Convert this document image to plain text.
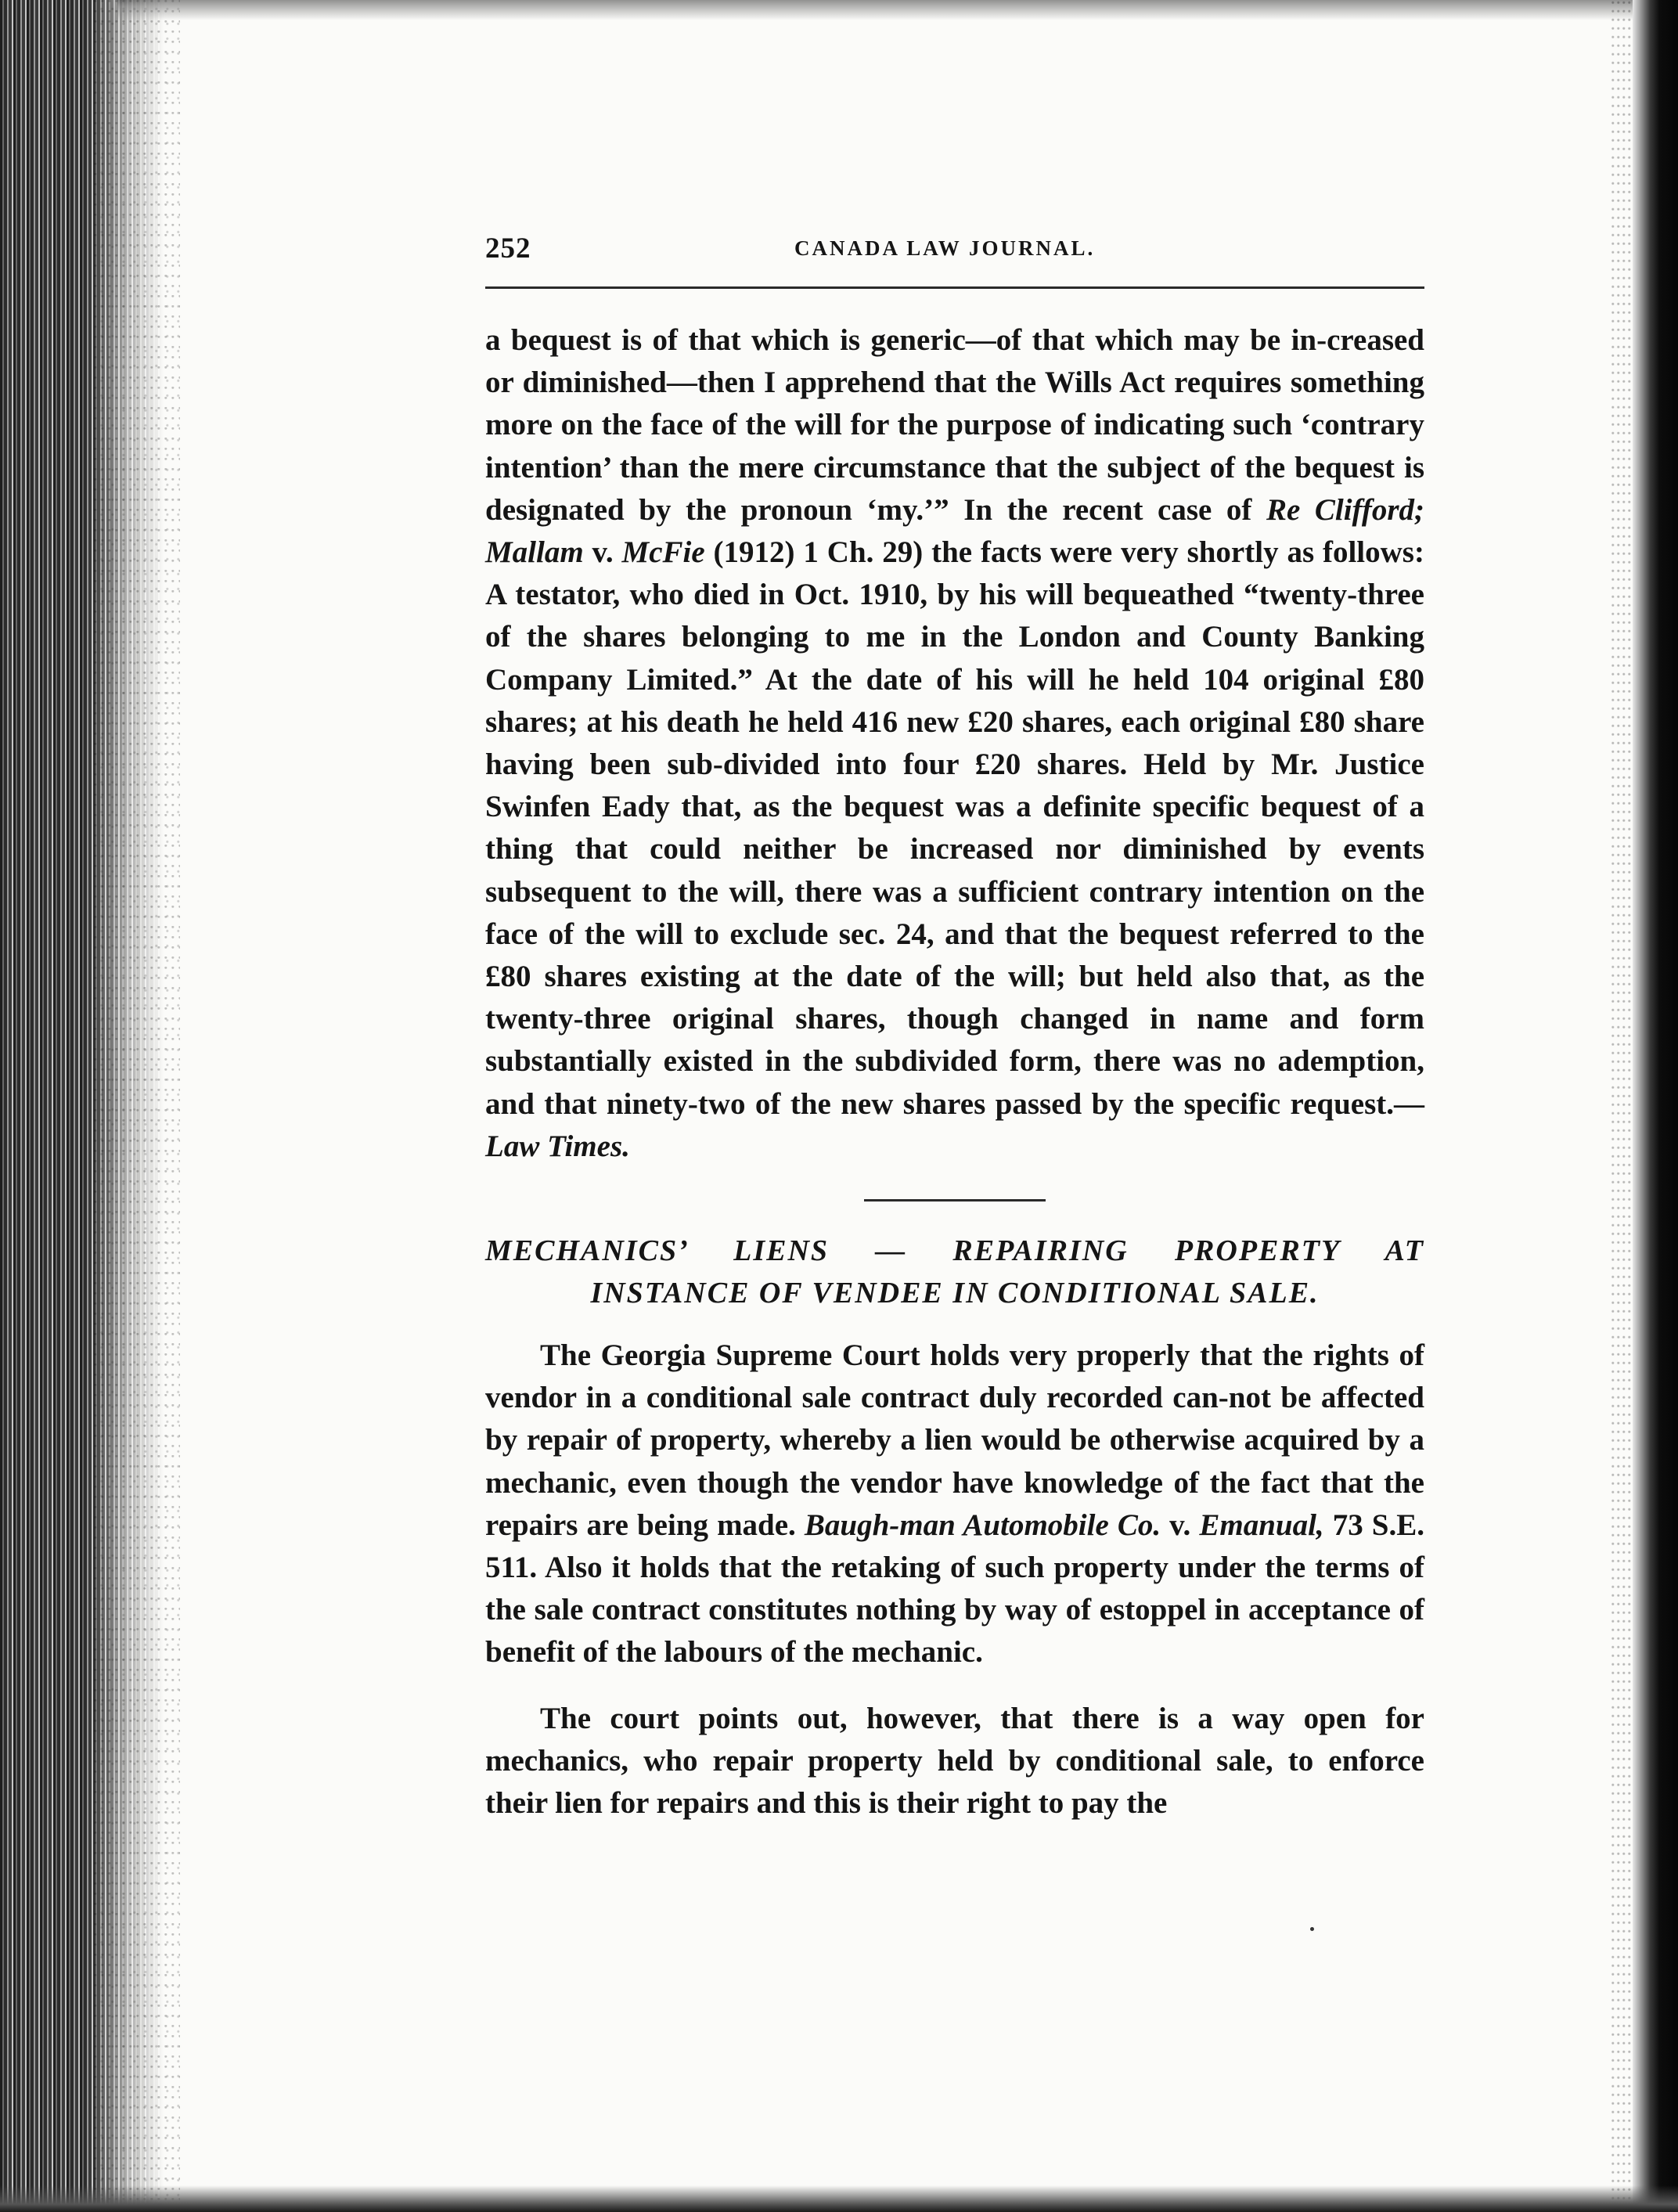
252	CANADA LAW JOURNAL.

a bequest is of that which is generic—of that which may be in-creased or diminished—then I apprehend that the Wills Act requires something more on the face of the will for the purpose of indicating such ‘contrary intention’ than the mere circumstance that the subject of the bequest is designated by the pronoun ‘my.’” In the recent case of Re Clifford; Mallam v. McFie (1912) 1 Ch. 29) the facts were very shortly as follows: A testator, who died in Oct. 1910, by his will bequeathed “twenty-three of the shares belonging to me in the London and County Banking Company Limited.” At the date of his will he held 104 original £80 shares; at his death he held 416 new £20 shares, each original £80 share having been sub-divided into four £20 shares. Held by Mr. Justice Swinfen Eady that, as the bequest was a definite specific bequest of a thing that could neither be increased nor diminished by events subsequent to the will, there was a sufficient contrary intention on the face of the will to exclude sec. 24, and that the bequest referred to the £80 shares existing at the date of the will; but held also that, as the twenty-three original shares, though changed in name and form substantially existed in the subdivided form, there was no ademption, and that ninety-two of the new shares passed by the specific request.—Law Times.

MECHANICS’ LIENS — REPAIRING PROPERTY AT
INSTANCE OF VENDEE IN CONDITIONAL SALE.

The Georgia Supreme Court holds very properly that the rights of vendor in a conditional sale contract duly recorded can-not be affected by repair of property, whereby a lien would be otherwise acquired by a mechanic, even though the vendor have knowledge of the fact that the repairs are being made. Baugh-man Automobile Co. v. Emanual, 73 S.E. 511. Also it holds that the retaking of such property under the terms of the sale contract constitutes nothing by way of estoppel in acceptance of benefit of the labours of the mechanic.

The court points out, however, that there is a way open for mechanics, who repair property held by conditional sale, to enforce their lien for repairs and this is their right to pay the
